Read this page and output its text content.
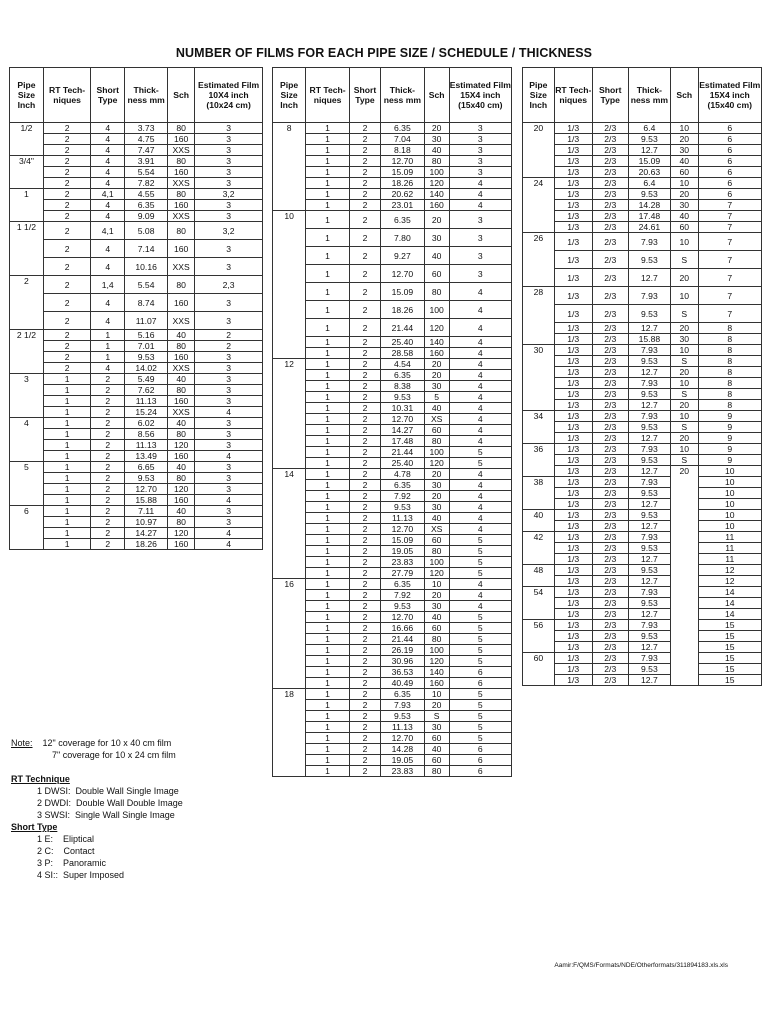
NUMBER OF FILMS FOR EACH PIPE SIZE / SCHEDULE / THICKNESS
Pipe Size Inch	RT Tech- niques	Short Type	Thick- ness mm	Sch	Estimated Film 10X4 inch (10x24 cm)
1/2	2	4	3.73	80	3
	2	4	4.75	160	3
	2	4	7.47	XXS	3
3/4"	2	4	3.91	80	3
	2	4	5.54	160	3
	2	4	7.82	XXS	3
1	2	4,1	4.55	80	3,2
	2	4	6.35	160	3
	2	4	9.09	XXS	3
1 1/2	2	4,1	5.08	80	3,2
	2	4	7.14	160	3
	2	4	10.16	XXS	3
2	2	1,4	5.54	80	2,3
	2	4	8.74	160	3
	2	4	11.07	XXS	3
2 1/2	2	1	5.16	40	2
	2	1	7.01	80	2
	2	1	9.53	160	3
	2	4	14.02	XXS	3
3	1	2	5.49	40	3
	1	2	7.62	80	3
	1	2	11.13	160	3
	1	2	15.24	XXS	4
4	1	2	6.02	40	3
	1	2	8.56	80	3
	1	2	11.13	120	3
	1	2	13.49	160	4
5	1	2	6.65	40	3
	1	2	9.53	80	3
	1	2	12.70	120	3
	1	2	15.88	160	4
6	1	2	7.11	40	3
	1	2	10.97	80	3
	1	2	14.27	120	4
	1	2	18.26	160	4
Pipe Size Inch	RT Tech- niques	Short Type	Thick- ness mm	Sch	Estimated Film 15X4 inch (15x40 cm)
8	1	2	6.35	20	3
	1	2	7.04	30	3
	1	2	8.18	40	3
	1	2	12.70	80	3
	1	2	15.09	100	3
	1	2	18.26	120	4
	1	2	20.62	140	4
	1	2	23.01	160	4
10	1	2	6.35	20	3
	1	2	7.80	30	3
	1	2	9.27	40	3
	1	2	12.70	60	3
	1	2	15.09	80	4
	1	2	18.26	100	4
	1	2	21.44	120	4
	1	2	25.40	140	4
	1	2	28.58	160	4
12	1	2	4.54	20	4
	1	2	6.35	20	4
	1	2	8.38	30	4
	1	2	9.53	5	4
	1	2	10.31	40	4
	1	2	12.70	XS	4
	1	2	14.27	60	4
	1	2	17.48	80	4
	1	2	21.44	100	5
	1	2	25.40	120	5
14	1	2	4.78	20	4
	1	2	6.35	30	4
	1	2	7.92	20	4
	1	2	9.53	30	4
	1	2	11.13	40	4
	1	2	12.70	XS	4
	1	2	15.09	60	5
	1	2	19.05	80	5
	1	2	23.83	100	5
	1	2	27.79	120	5
16	1	2	6.35	10	4
	1	2	7.92	20	4
	1	2	9.53	30	4
	1	2	12.70	40	5
	1	2	16.66	60	5
	1	2	21.44	80	5
	1	2	26.19	100	5
	1	2	30.96	120	5
	1	2	36.53	140	6
	1	2	40.49	160	6
18	1	2	6.35	10	5
	1	2	7.93	20	5
	1	2	9.53	S	5
	1	2	11.13	30	5
	1	2	12.70	60	5
	1	2	14.28	40	6
	1	2	19.05	60	6
	1	2	23.83	80	6
Pipe Size Inch	RT Tech- niques	Short Type	Thick- ness mm	Sch	Estimated Film 15X4 inch (15x40 cm)
20	1/3	2/3	6.4	10	6
	1/3	2/3	9.53	20	6
	1/3	2/3	12.7	30	6
	1/3	2/3	15.09	40	6
	1/3	2/3	20.63	60	6
24	1/3	2/3	6.4	10	6
	1/3	2/3	9.53	20	6
	1/3	2/3	14.28	30	7
	1/3	2/3	17.48	40	7
	1/3	2/3	24.61	60	7
26	1/3	2/3	7.93	10	7
	1/3	2/3	9.53	S	7
	1/3	2/3	12.7	20	7
28	1/3	2/3	7.93	10	7
	1/3	2/3	9.53	S	7
	1/3	2/3	12.7	20	8
	1/3	2/3	15.88	30	8
30	1/3	2/3	7.93	10	8
	1/3	2/3	9.53	S	8
	1/3	2/3	12.7	20	8
	1/3	2/3	7.93	10	8
	1/3	2/3	9.53	S	8
	1/3	2/3	12.7	20	8
34	1/3	2/3	7.93	10	9
	1/3	2/3	9.53	S	9
	1/3	2/3	12.7	20	9
36	1/3	2/3	7.93	10	9
	1/3	2/3	9.53	S	9
	1/3	2/3	12.7	20	10
38	1/3	2/3	7.93		10
	1/3	2/3	9.53		10
	1/3	2/3	12.7		10
40	1/3	2/3	9.53		10
	1/3	2/3	12.7		10
42	1/3	2/3	7.93		11
	1/3	2/3	9.53		11
	1/3	2/3	12.7		11
48	1/3	2/3	9.53		12
	1/3	2/3	12.7		12
54	1/3	2/3	7.93		14
	1/3	2/3	9.53		14
	1/3	2/3	12.7		14
56	1/3	2/3	7.93		15
	1/3	2/3	9.53		15
	1/3	2/3	12.7		15
60	1/3	2/3	7.93		15
	1/3	2/3	9.53		15
	1/3	2/3	12.7		15
Note: 12" coverage for 10 x 40 cm film
7" coverage for 10 x 24 cm film
RT Technique
1 DWSI:  Double Wall Single Image
2 DWDI:  Double Wall Double Image
3 SWSI:  Single Wall Single Image
Short Type
1 E:    Eliptical
2 C:    Contact
3 P:    Panoramic
4 SI::  Super Imposed
Aamir:F/QMS/Formats/NDE/Otherformats/311894183.xls.xls
